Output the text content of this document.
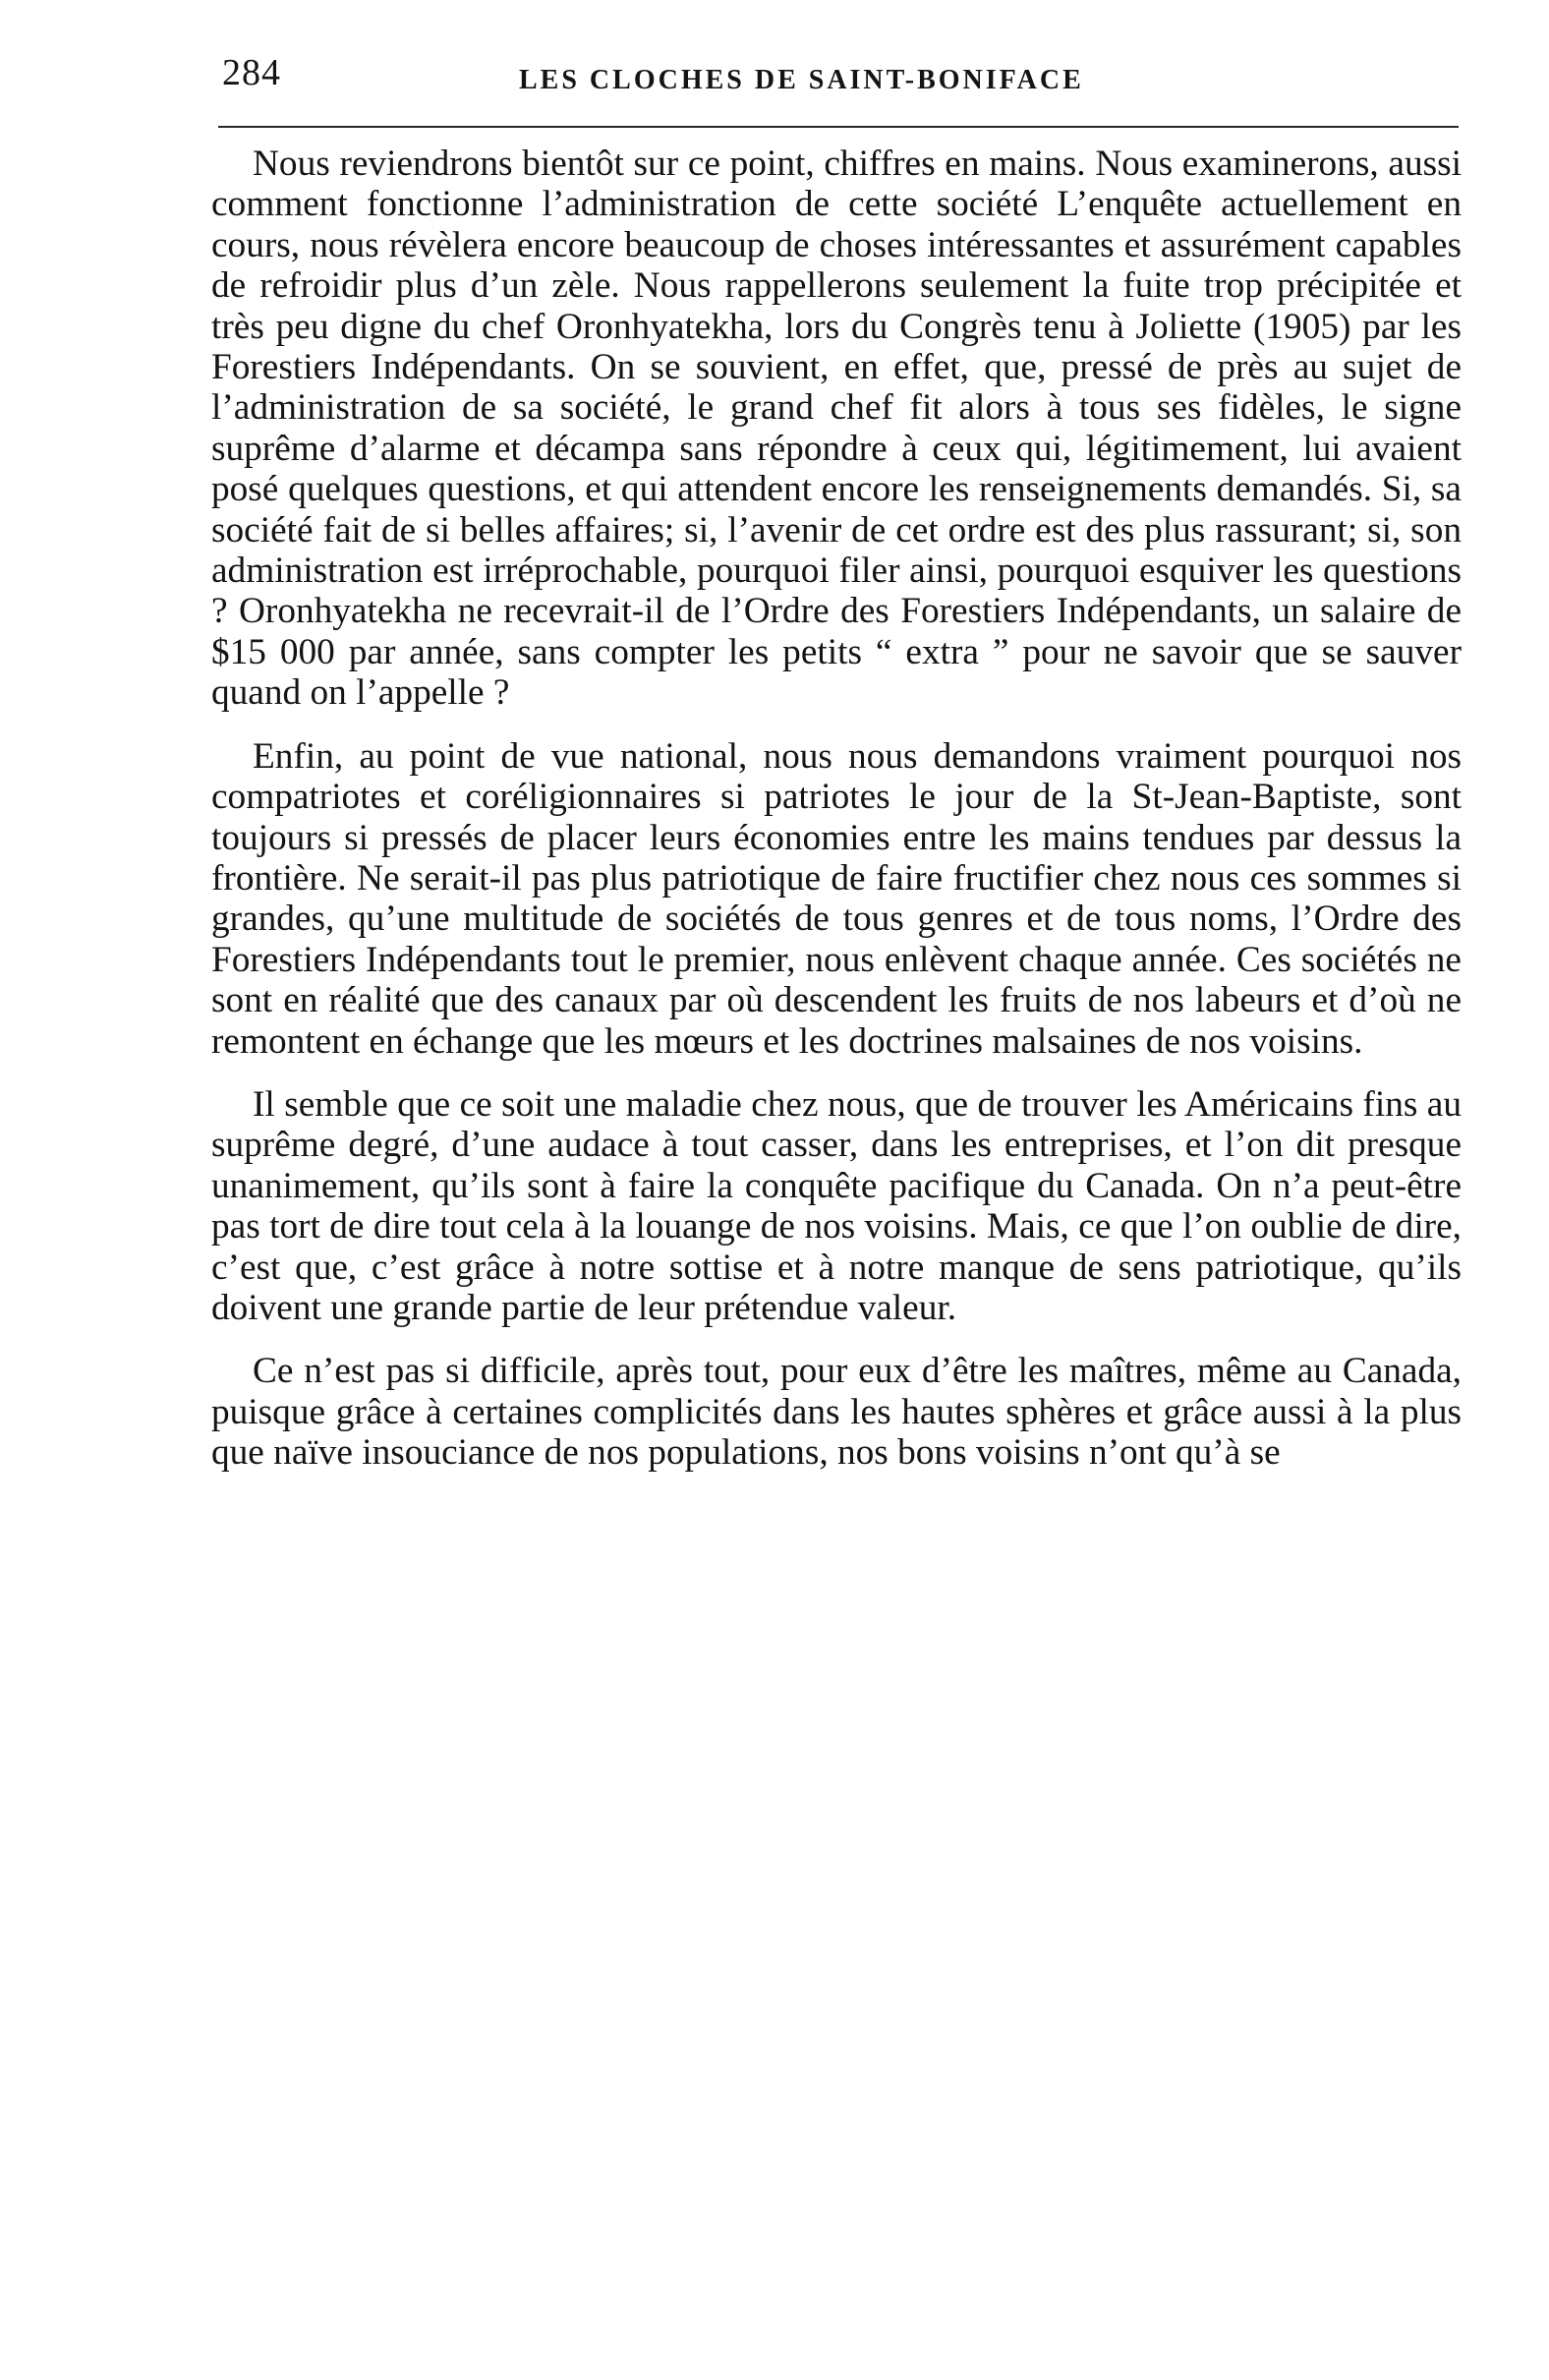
284	LES CLOCHES DE SAINT-BONIFACE

Nous reviendrons bientôt sur ce point, chiffres en mains. Nous examinerons, aussi comment fonctionne l’administration de cette société L’enquête actuellement en cours, nous révèlera encore beaucoup de choses intéressantes et assurément capables de refroidir plus d’un zèle. Nous rappellerons seulement la fuite trop précipitée et très peu digne du chef Oronhyatekha, lors du Congrès tenu à Joliette (1905) par les Forestiers Indépendants. On se souvient, en effet, que, pressé de près au sujet de l’administration de sa société, le grand chef fit alors à tous ses fidèles, le signe suprême d’alarme et décampa sans répondre à ceux qui, légitimement, lui avaient posé quelques questions, et qui attendent encore les renseignements demandés. Si, sa société fait de si belles affaires; si, l’avenir de cet ordre est des plus rassurant; si, son administration est irréprochable, pourquoi filer ainsi, pourquoi esquiver les questions ? Oronhyatekha ne recevrait-il de l’Ordre des Forestiers Indépendants, un salaire de $15 000 par année, sans compter les petits “ extra ” pour ne savoir que se sauver quand on l’appelle ?

Enfin, au point de vue national, nous nous demandons vraiment pourquoi nos compatriotes et coréligionnaires si patriotes le jour de la St-Jean-Baptiste, sont toujours si pressés de placer leurs économies entre les mains tendues par dessus la frontière. Ne serait-il pas plus patriotique de faire fructifier chez nous ces sommes si grandes, qu’une multitude de sociétés de tous genres et de tous noms, l’Ordre des Forestiers Indépendants tout le premier, nous enlèvent chaque année. Ces sociétés ne sont en réalité que des canaux par où descendent les fruits de nos labeurs et d’où ne remontent en échange que les mœurs et les doctrines malsaines de nos voisins.

Il semble que ce soit une maladie chez nous, que de trouver les Américains fins au suprême degré, d’une audace à tout casser, dans les entreprises, et l’on dit presque unanimement, qu’ils sont à faire la conquête pacifique du Canada. On n’a peut-être pas tort de dire tout cela à la louange de nos voisins. Mais, ce que l’on oublie de dire, c’est que, c’est grâce à notre sottise et à notre manque de sens patriotique, qu’ils doivent une grande partie de leur prétendue valeur.

Ce n’est pas si difficile, après tout, pour eux d’être les maîtres, même au Canada, puisque grâce à certaines complicités dans les hautes sphères et grâce aussi à la plus que naïve insouciance de nos populations, nos bons voisins n’ont qu’à se
